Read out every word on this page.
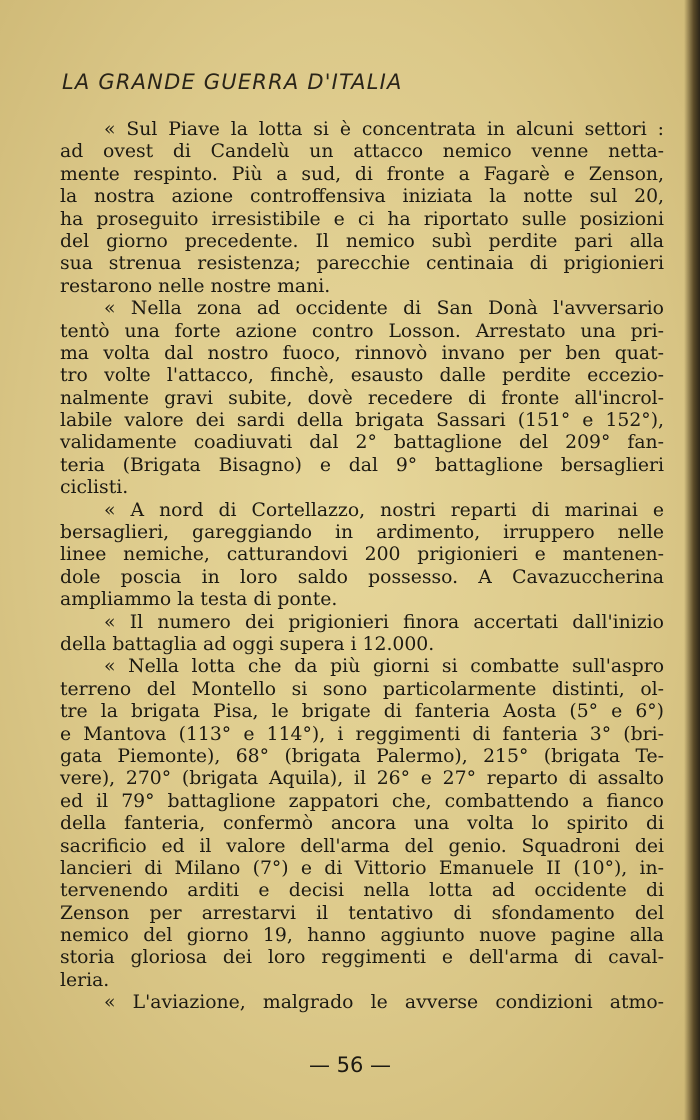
LA GRANDE GUERRA D'ITALIA
« Sul Piave la lotta si è concentrata in alcuni settori :
ad ovest di Candelù un attacco nemico venne netta-
mente respinto. Più a sud, di fronte a Fagarè e Zenson,
la nostra azione controffensiva iniziata la notte sul 20,
ha proseguito irresistibile e ci ha riportato sulle posizioni
del giorno precedente. Il nemico subì perdite pari alla
sua strenua resistenza; parecchie centinaia di prigionieri
restarono nelle nostre mani.
« Nella zona ad occidente di San Donà l'avversario
tentò una forte azione contro Losson. Arrestato una pri-
ma volta dal nostro fuoco, rinnovò invano per ben quat-
tro volte l'attacco, finchè, esausto dalle perdite eccezio-
nalmente gravi subite, dovè recedere di fronte all'incrol-
labile valore dei sardi della brigata Sassari (151° e 152°),
validamente coadiuvati dal 2° battaglione del 209° fan-
teria (Brigata Bisagno) e dal 9° battaglione bersaglieri
ciclisti.
« A nord di Cortellazzo, nostri reparti di marinai e
bersaglieri, gareggiando in ardimento, irruppero nelle
linee nemiche, catturandovi 200 prigionieri e mantenen-
dole poscia in loro saldo possesso. A Cavazuccherina
ampliammo la testa di ponte.
« Il numero dei prigionieri finora accertati dall'inizio
della battaglia ad oggi supera i 12.000.
« Nella lotta che da più giorni si combatte sull'aspro
terreno del Montello si sono particolarmente distinti, ol-
tre la brigata Pisa, le brigate di fanteria Aosta (5° e 6°)
e Mantova (113° e 114°), i reggimenti di fanteria 3° (bri-
gata Piemonte), 68° (brigata Palermo), 215° (brigata Te-
vere), 270° (brigata Aquila), il 26° e 27° reparto di assalto
ed il 79° battaglione zappatori che, combattendo a fianco
della fanteria, confermò ancora una volta lo spirito di
sacrificio ed il valore dell'arma del genio. Squadroni dei
lancieri di Milano (7°) e di Vittorio Emanuele II (10°), in-
tervenendo arditi e decisi nella lotta ad occidente di
Zenson per arrestarvi il tentativo di sfondamento del
nemico del giorno 19, hanno aggiunto nuove pagine alla
storia gloriosa dei loro reggimenti e dell'arma di caval-
leria.
« L'aviazione, malgrado le avverse condizioni atmo-
— 56 —
